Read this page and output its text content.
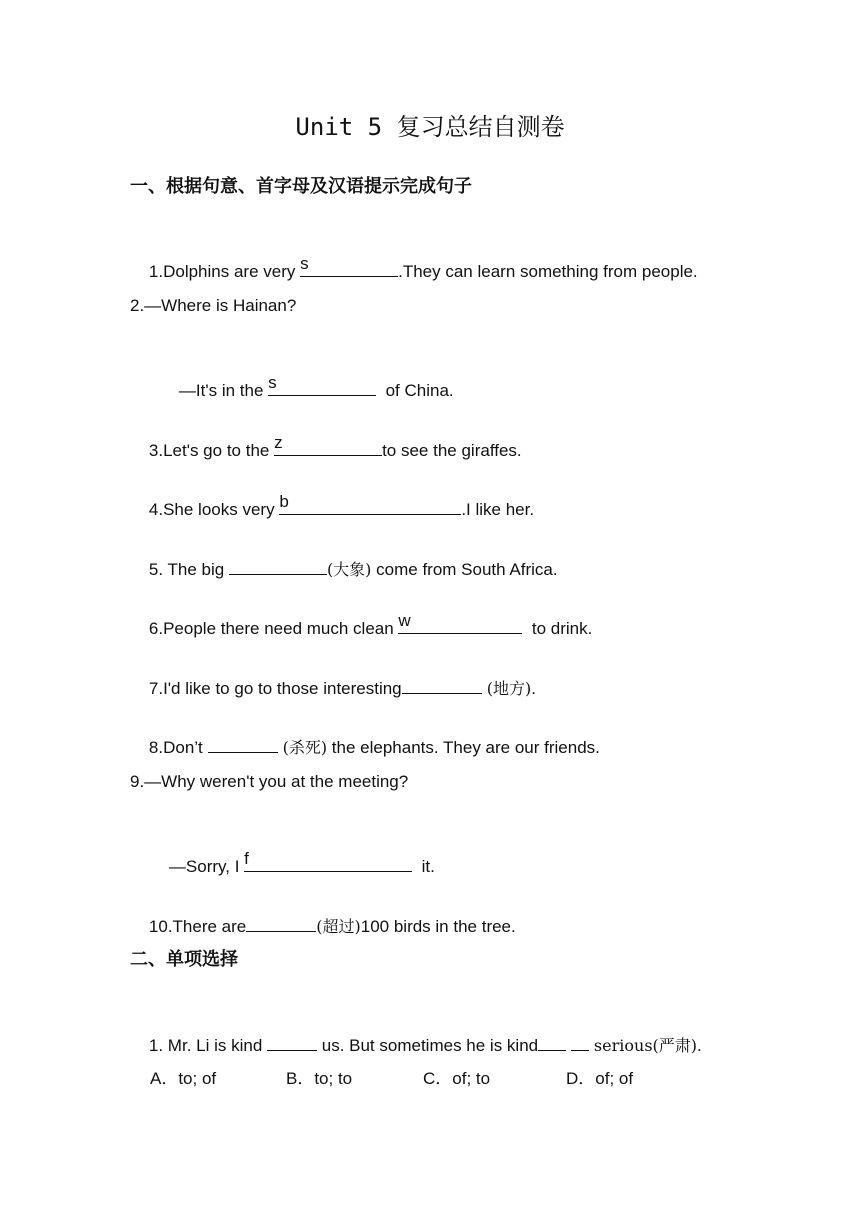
Unit 5 复习总结自测卷
一、根据句意、首字母及汉语提示完成句子

1.Dolphins are very s	.They can learn something from people.

2.—Where is Hainan?

—It's in the s	of China.

3.Let's go to the z	to see the giraffes.

4.She looks very b	.I like her.

5. The big	(大象) come from South Africa.

6.People there need much clean w	to drink.

7.I'd like to go to those interesting	(地方).

8.Don’t	(杀死) the elephants. They are our friends.

9.—Why weren't you at the meeting?

—Sorry, I f	it.

10.There are	(超过)100 birds in the tree.

二、单项选择

1. Mr. Li is kind	us. But sometimes he is kind	serious(严肃).

A．to; of

	B．to; to

	C．of; to

	D．of; of
